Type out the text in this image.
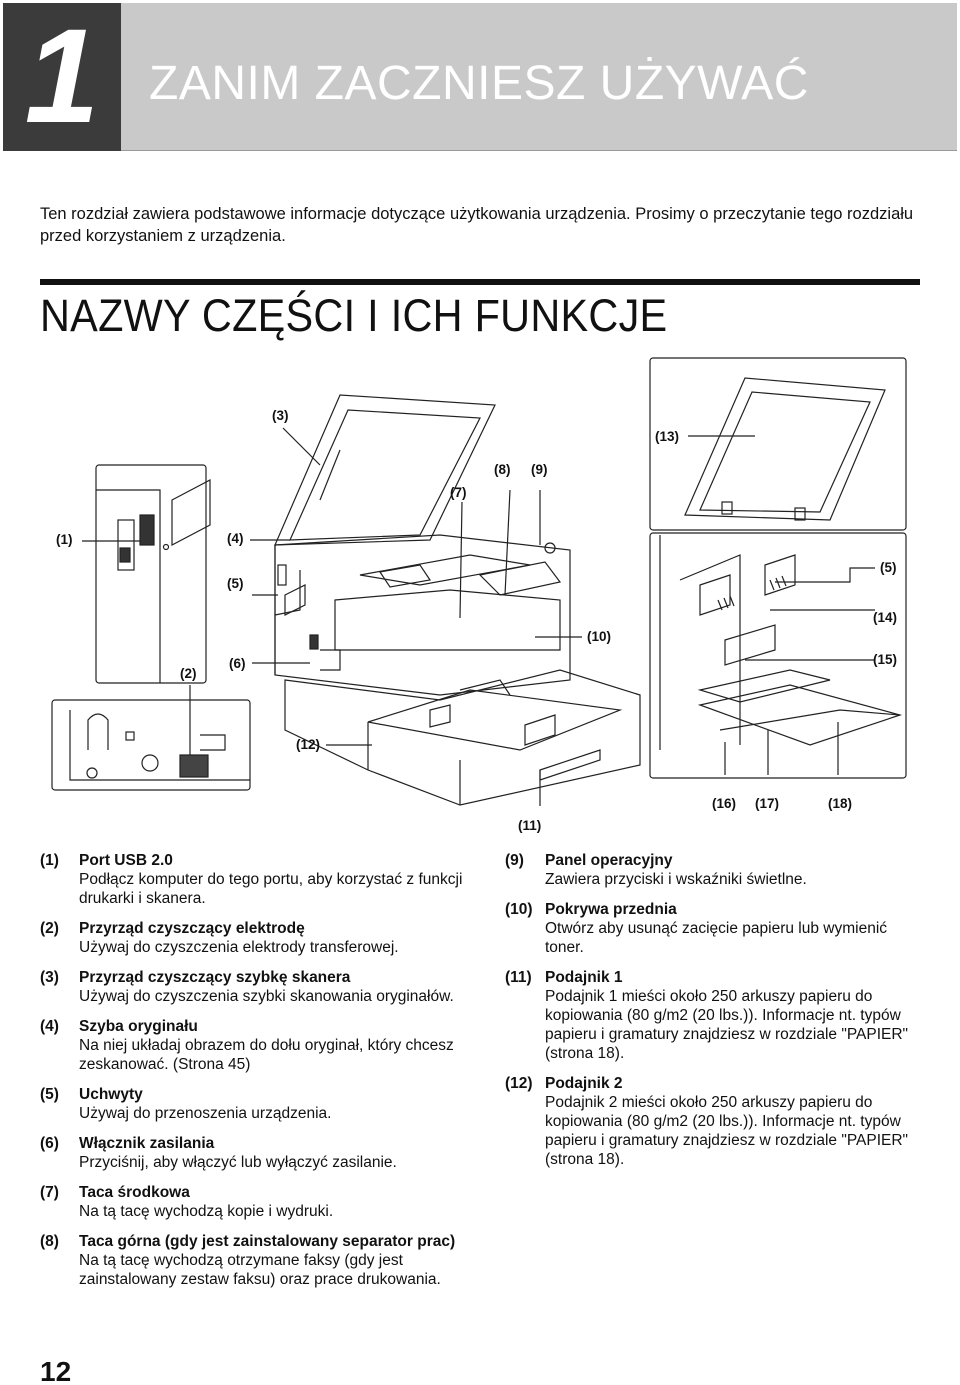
1	ZANIM ZACZNIESZ UŻYWAĆ

Ten rozdział zawiera podstawowe informacje dotyczące użytkowania urządzenia. Prosimy o przeczytanie tego rozdziału przed korzystaniem z urządzenia.

NAZWY CZĘŚCI I ICH FUNKCJE
(1)
(2)
(3)
(4)
(5)
(6)
(7)
(8) (9)
(10)
(11)
(12)
(13)
(5)
(14)
(15)
(16) (17)	(18)
(1)	Port USB 2.0
Podłącz komputer do tego portu, aby korzystać z funkcji drukarki i skanera.
(2)	Przyrząd czyszczący elektrodę
Używaj do czyszczenia elektrody transferowej.
(3)	Przyrząd czyszczący szybkę skanera
Używaj do czyszczenia szybki skanowania oryginałów.
(4)	Szyba oryginału
Na niej układaj obrazem do dołu oryginał, który chcesz zeskanować. (Strona 45)
(5)	Uchwyty
Używaj do przenoszenia urządzenia.
(6)	Włącznik zasilania
Przyciśnij, aby włączyć lub wyłączyć zasilanie.
(7)	Taca środkowa
Na tą tacę wychodzą kopie i wydruki.
(8)	Taca górna (gdy jest zainstalowany separator prac)
Na tą tacę wychodzą otrzymane faksy (gdy jest zainstalowany zestaw faksu) oraz prace drukowania.
(9)	Panel operacyjny
Zawiera przyciski i wskaźniki świetlne.
(10) Pokrywa przednia
Otwórz aby usunąć zacięcie papieru lub wymienić toner.
(11) Podajnik 1
Podajnik 1 mieści około 250 arkuszy papieru do kopiowania (80 g/m2 (20 lbs.)). Informacje nt. typów papieru i gramatury znajdziesz w rozdziale "PAPIER" (strona 18).
(12) Podajnik 2
Podajnik 2 mieści około 250 arkuszy papieru do kopiowania (80 g/m2 (20 lbs.)). Informacje nt. typów papieru i gramatury znajdziesz w rozdziale "PAPIER" (strona 18).
12
